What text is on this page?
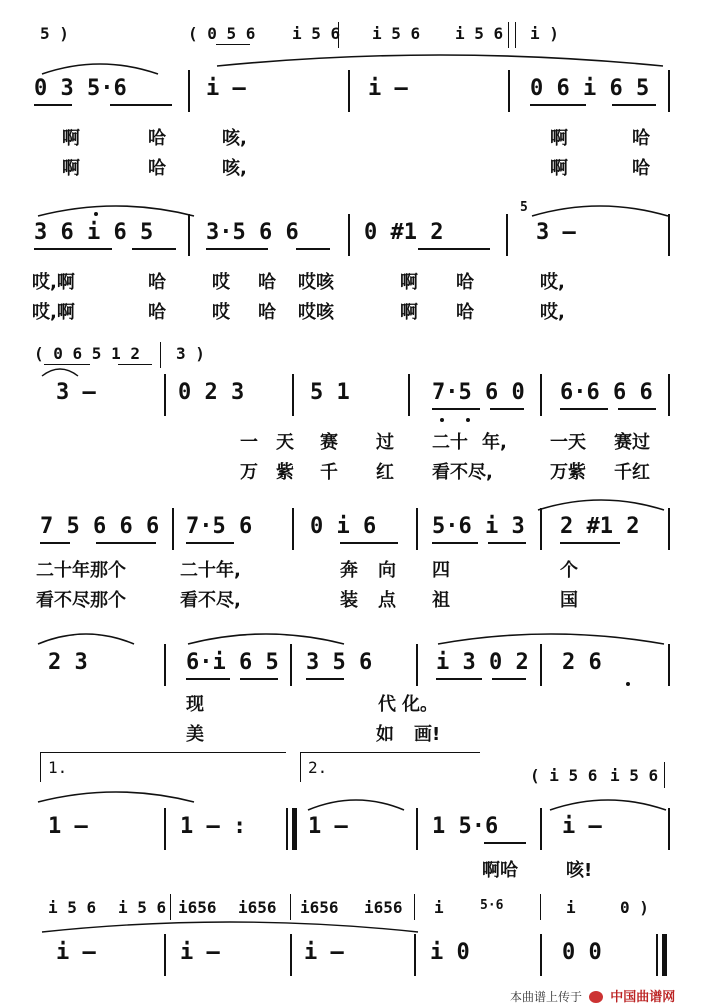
5 )	( 0 5 6 i 5 6 i 5 6 i 5 6 i )
0 3 5·6	i —	i —	0 6 i 6 5
啊	哈	咳,	啊	哈
啊	哈	咳,	啊	哈
3 6 i 6 5 3·5 6 6	0 #1 2
5
3 —
哎,啊	哈	哎 哈 哎咳	啊 哈	哎,
哎,啊	哈	哎 哈 哎咳	啊 哈	哎,
( 0 6 5 1 2 3 )
3 —	0 2 3	5 1	7·5 6 0 6·6 6 6
一 天 赛 过 二十 年, 一天 赛过
万 紫 千 红 看不尽,	万紫 千红
7 5 6 6 6 7·5 6	0 i 6	5·6 i 3 2 #1 2
二十年那个	二十年,	奔 向 四	个
看不尽那个	看不尽,	装 点 祖	国
2 3	6·i 6 5 3 5 6	i 3 0 2 2 6
现	代 化。
美	如 画!
1.	2.	( i 5 6 i 5 6
1 —	1 — :	1 —	1 5·6	i —
啊哈	咳!
i 5 6 i 5 6 i656 i656 i656 i656 i	5·6	i	0 )
i —	i —	i —	i 0	0 0
本曲谱上传于 中国曲谱网
